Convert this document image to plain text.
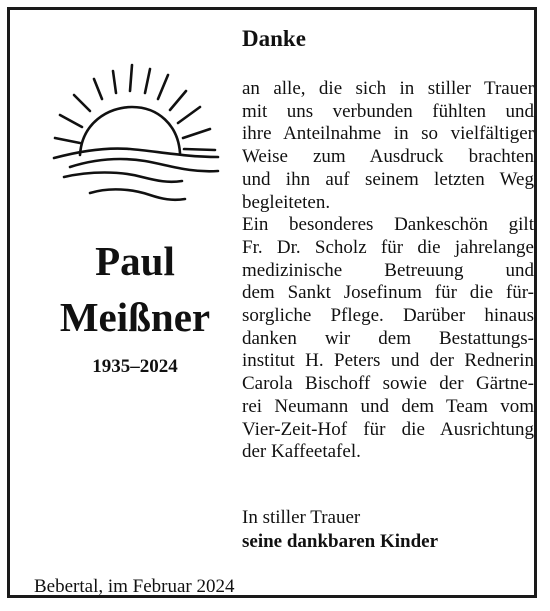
Paul
Meißner
1935–2024
Danke
an alle, die sich in stiller Trauer
mit uns verbunden fühlten und
ihre Anteilnahme in so vielfältiger
Weise zum Ausdruck brachten
und ihn auf seinem letzten Weg
begleiteten.
Ein besonderes Dankeschön gilt
Fr. Dr. Scholz für die jahrelange
medizinische Betreuung und
dem Sankt Josefinum für die für-
sorgliche Pflege. Darüber hinaus
danken wir dem Bestattungs-
institut H. Peters und der Rednerin
Carola Bischoff sowie der Gärtne-
rei Neumann und dem Team vom
Vier-Zeit-Hof für die Ausrichtung
der Kaffeetafel.
In stiller Trauer
seine dankbaren Kinder
Bebertal, im Februar 2024
